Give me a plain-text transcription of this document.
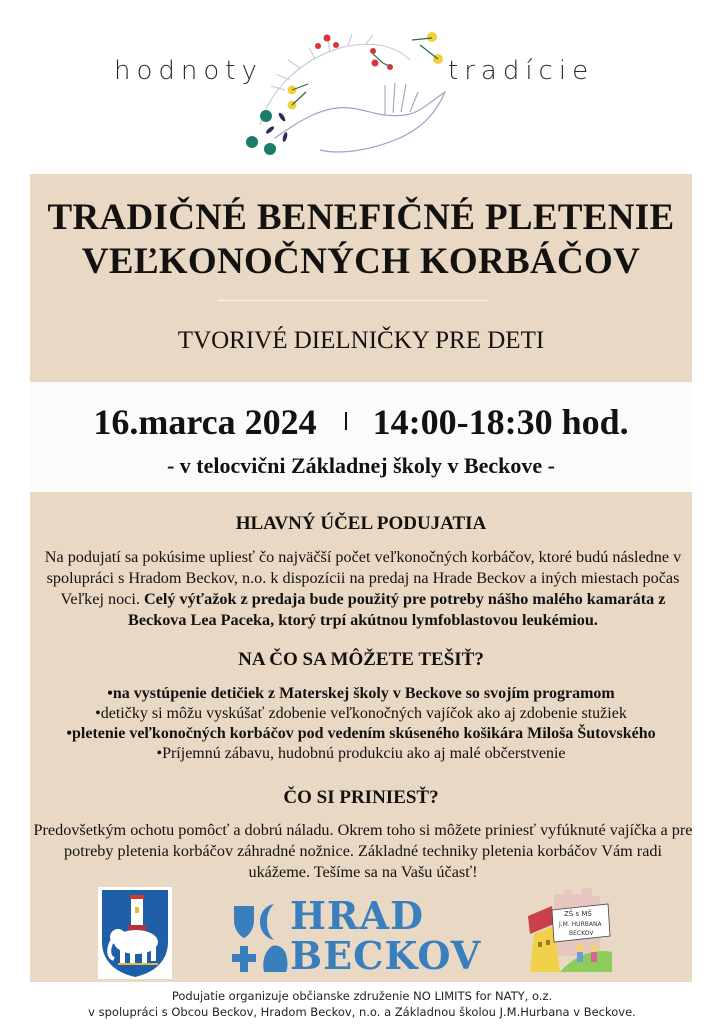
hodnoty	tradície
TRADIČNÉ BENEFIČNÉ PLETENIE
VEĽKONOČNÝCH KORBÁČOV
TVORIVÉ DIELNIČKY PRE DETI
16.marca 2024 14:00-18:30 hod.
- v telocvični Základnej školy v Beckove -
HLAVNÝ ÚČEL PODUJATIA
Na podujatí sa pokúsime upliesť čo najväčší počet veľkonočných korbáčov, ktoré budú následne v spolupráci s Hradom Beckov, n.o. k dispozícii na predaj na Hrade Beckov a iných miestach počas Veľkej noci. Celý výťažok z predaja bude použitý pre potreby nášho malého kamaráta z Beckova Lea Paceka, ktorý trpí akútnou lymfoblastovou leukémiou.
NA ČO SA MÔŽETE TEŠIŤ?
•na vystúpenie detičiek z Materskej školy v Beckove so svojím programom
•detičky si môžu vyskúšať zdobenie veľkonočných vajíčok ako aj zdobenie stužiek
•pletenie veľkonočných korbáčov pod vedením skúseného košikára Miloša Šutovského
•Príjemnú zábavu, hudobnú produkciu ako aj malé občerstvenie
ČO SI PRINIESŤ?
Predovšetkým ochotu pomôcť a dobrú náladu. Okrem toho si môžete priniesť vyfúknuté vajíčka a pre potreby pletenia korbáčov záhradné nožnice. Základné techniky pletenia korbáčov Vám radi ukážeme. Tešíme sa na Vašu účasť!
HRAD
BECKOV
ZŠ s MŠ
J.M. HURBANA
BECKOV
Podujatie organizuje občianske združenie NO LIMITS for NATY, o.z.
v spolupráci s Obcou Beckov, Hradom Beckov, n.o. a Základnou školou J.M.Hurbana v Beckove.
